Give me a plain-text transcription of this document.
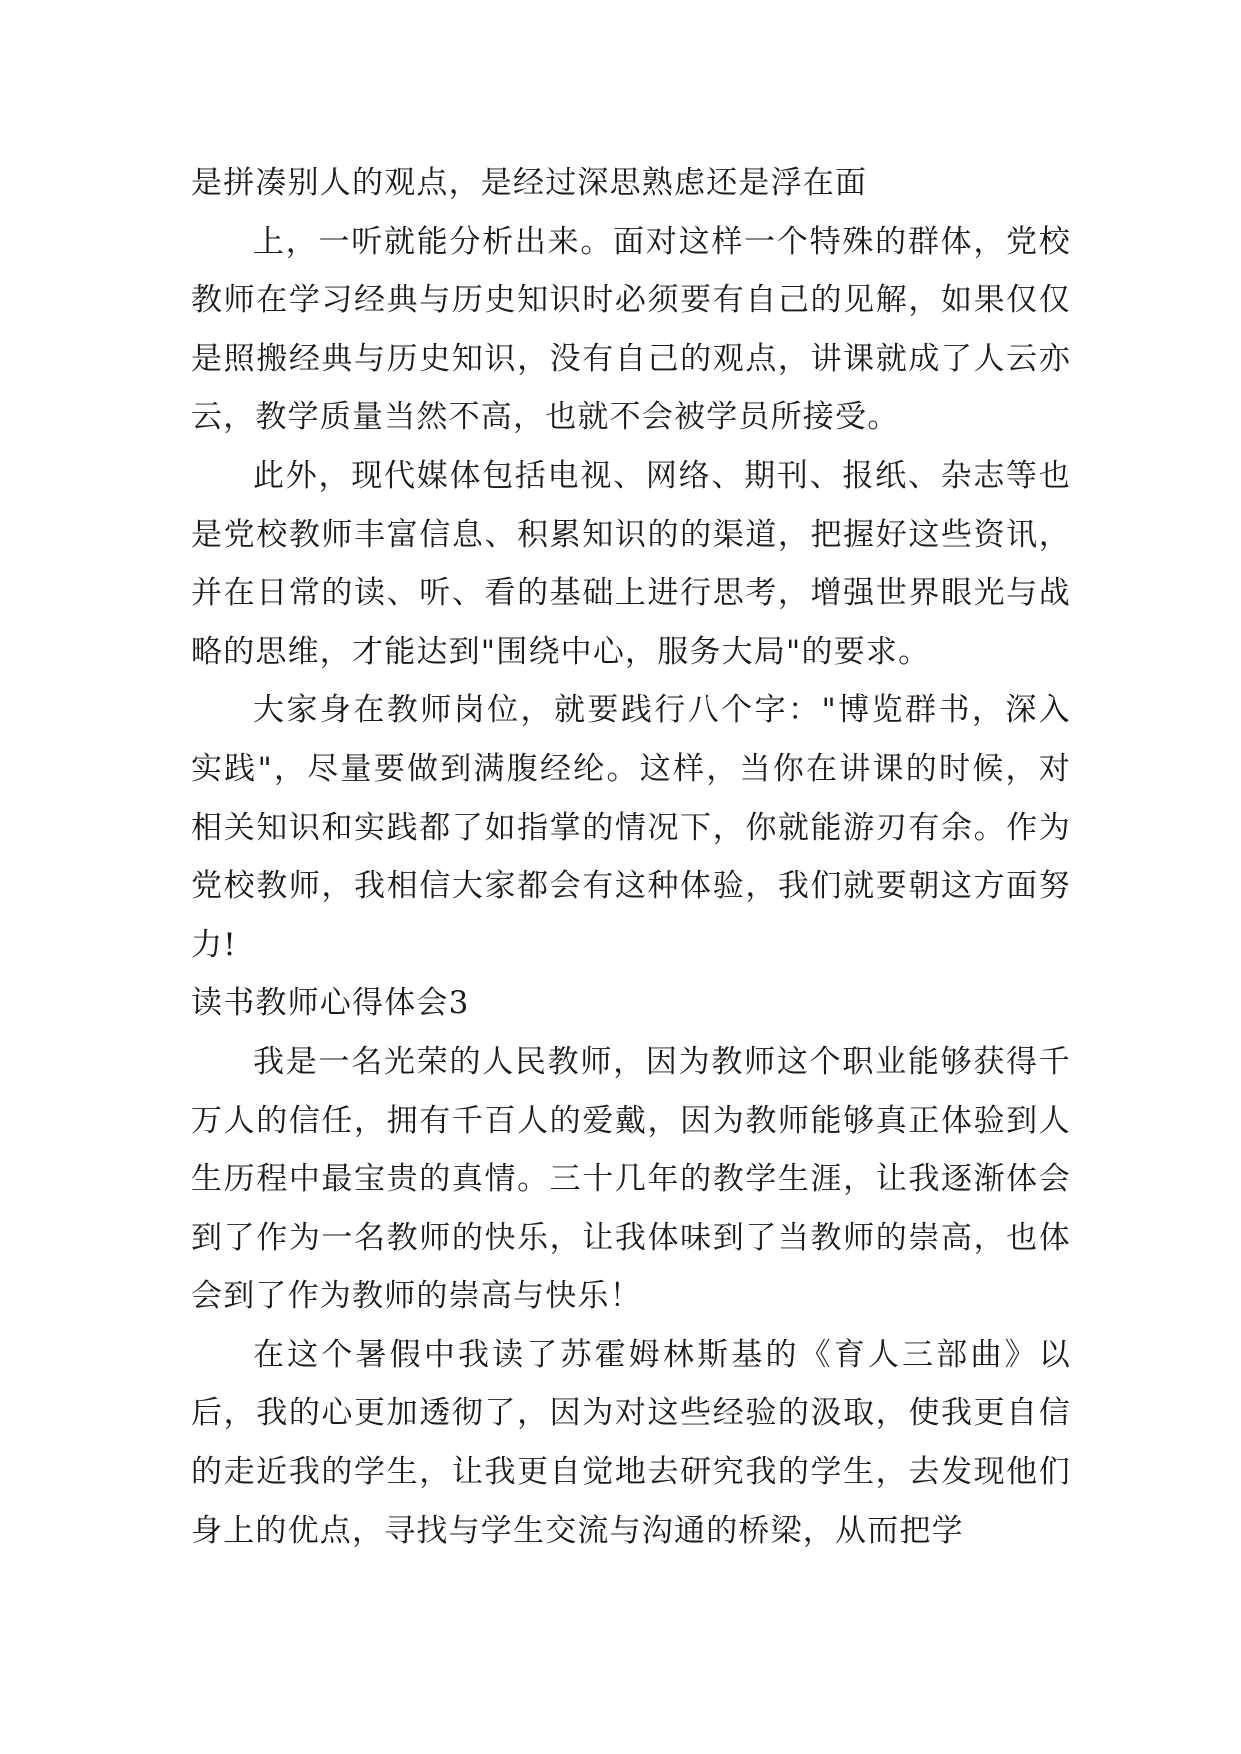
是拼凑别人的观点，是经过深思熟虑还是浮在面

上，一听就能分析出来。面对这样一个特殊的群体，党校教师在学习经典与历史知识时必须要有自己的见解，如果仅仅是照搬经典与历史知识，没有自己的观点，讲课就成了人云亦云，教学质量当然不高，也就不会被学员所接受。

此外，现代媒体包括电视、网络、期刊、报纸、杂志等也是党校教师丰富信息、积累知识的的渠道，把握好这些资讯，并在日常的读、听、看的基础上进行思考，增强世界眼光与战略的思维，才能达到"围绕中心，服务大局"的要求。

大家身在教师岗位，就要践行八个字："博览群书，深入实践"，尽量要做到满腹经纶。这样，当你在讲课的时候，对相关知识和实践都了如指掌的情况下，你就能游刃有余。作为党校教师，我相信大家都会有这种体验，我们就要朝这方面努力!

读书教师心得体会3

我是一名光荣的人民教师，因为教师这个职业能够获得千万人的信任，拥有千百人的爱戴，因为教师能够真正体验到人生历程中最宝贵的真情。三十几年的教学生涯，让我逐渐体会到了作为一名教师的快乐，让我体味到了当教师的崇高，也体会到了作为教师的崇高与快乐！

在这个暑假中我读了苏霍姆林斯基的《育人三部曲》以后，我的心更加透彻了，因为对这些经验的汲取，使我更自信的走近我的学生，让我更自觉地去研究我的学生，去发现他们身上的优点，寻找与学生交流与沟通的桥梁，从而把学
